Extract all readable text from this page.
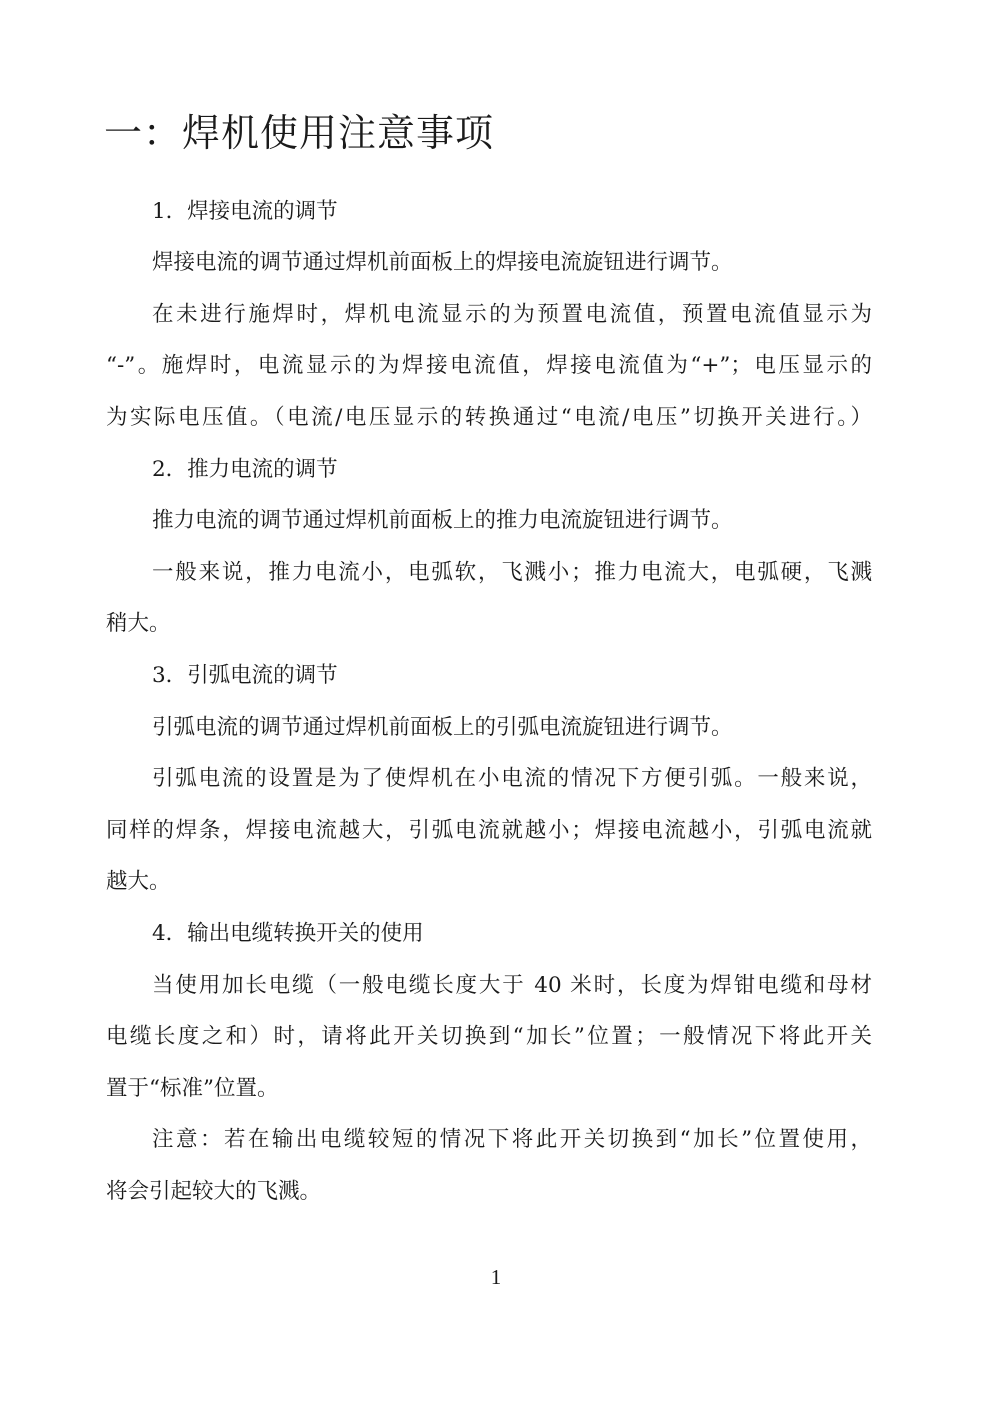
一：焊机使用注意事项

1．焊接电流的调节

焊接电流的调节通过焊机前面板上的焊接电流旋钮进行调节。

在未进行施焊时，焊机电流显示的为预置电流值，预置电流值显示为

“-”。施焊时，电流显示的为焊接电流值，焊接电流值为“+”；电压显示的

为实际电压值。（电流/电压显示的转换通过“电流/电压”切换开关进行。）

2．推力电流的调节

推力电流的调节通过焊机前面板上的推力电流旋钮进行调节。

一般来说，推力电流小，电弧软，飞溅小；推力电流大，电弧硬，飞溅

稍大。

3．引弧电流的调节

引弧电流的调节通过焊机前面板上的引弧电流旋钮进行调节。

引弧电流的设置是为了使焊机在小电流的情况下方便引弧。一般来说，

同样的焊条，焊接电流越大，引弧电流就越小；焊接电流越小，引弧电流就

越大。

4．输出电缆转换开关的使用

当使用加长电缆（一般电缆长度大于 40 米时，长度为焊钳电缆和母材

电缆长度之和）时，请将此开关切换到“加长”位置；一般情况下将此开关

置于“标准”位置。

注意：若在输出电缆较短的情况下将此开关切换到“加长”位置使用，

将会引起较大的飞溅。

1
